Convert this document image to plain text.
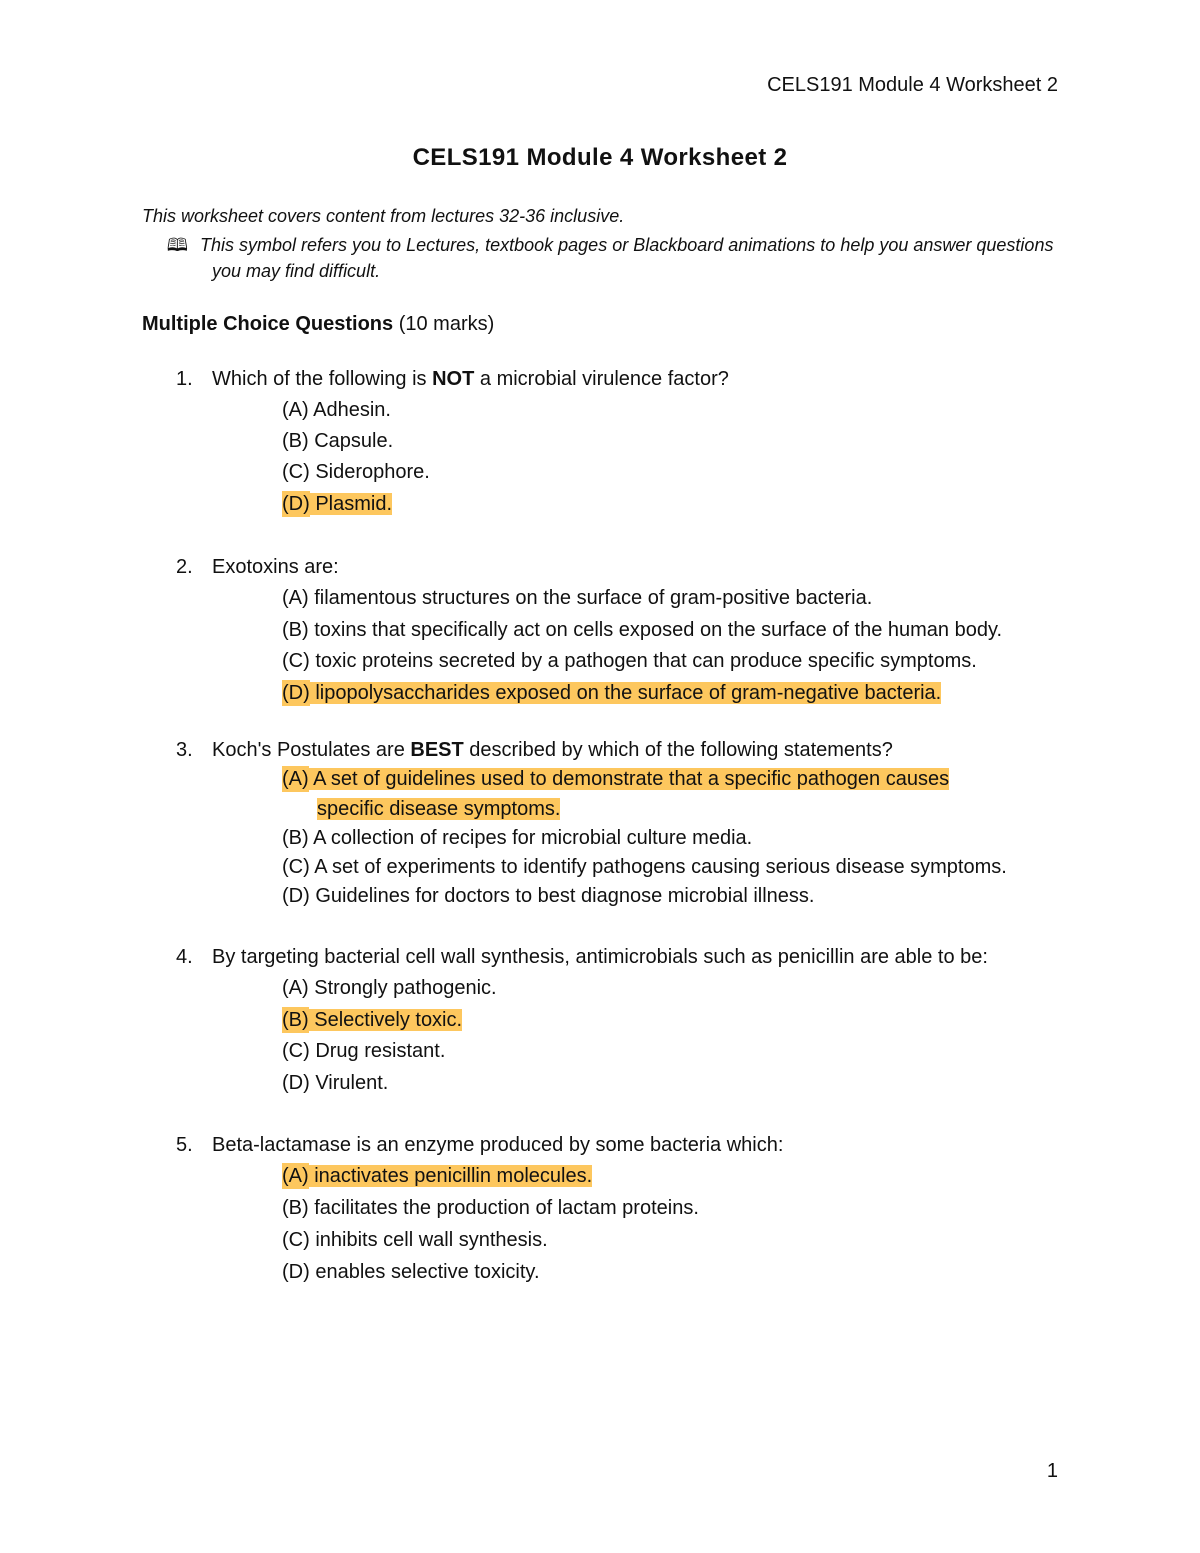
CELS191 Module 4 Worksheet 2
CELS191 Module 4 Worksheet 2
This worksheet covers content from lectures 32-36 inclusive.
🕮 This symbol refers you to Lectures, textbook pages or Blackboard animations to help you answer questions you may find difficult.
Multiple Choice Questions (10 marks)
1. Which of the following is NOT a microbial virulence factor?
(A) Adhesin.
(B) Capsule.
(C) Siderophore.
(D) Plasmid.
2. Exotoxins are:
(A) filamentous structures on the surface of gram-positive bacteria.
(B) toxins that specifically act on cells exposed on the surface of the human body.
(C) toxic proteins secreted by a pathogen that can produce specific symptoms.
(D) lipopolysaccharides exposed on the surface of gram-negative bacteria.
3. Koch's Postulates are BEST described by which of the following statements?
(A) A set of guidelines used to demonstrate that a specific pathogen causes
specific disease symptoms.
(B) A collection of recipes for microbial culture media.
(C) A set of experiments to identify pathogens causing serious disease symptoms.
(D) Guidelines for doctors to best diagnose microbial illness.
4. By targeting bacterial cell wall synthesis, antimicrobials such as penicillin are able to be:
(A) Strongly pathogenic.
(B) Selectively toxic.
(C) Drug resistant.
(D) Virulent.
5. Beta-lactamase is an enzyme produced by some bacteria which:
(A) inactivates penicillin molecules.
(B) facilitates the production of lactam proteins.
(C) inhibits cell wall synthesis.
(D) enables selective toxicity.
1
